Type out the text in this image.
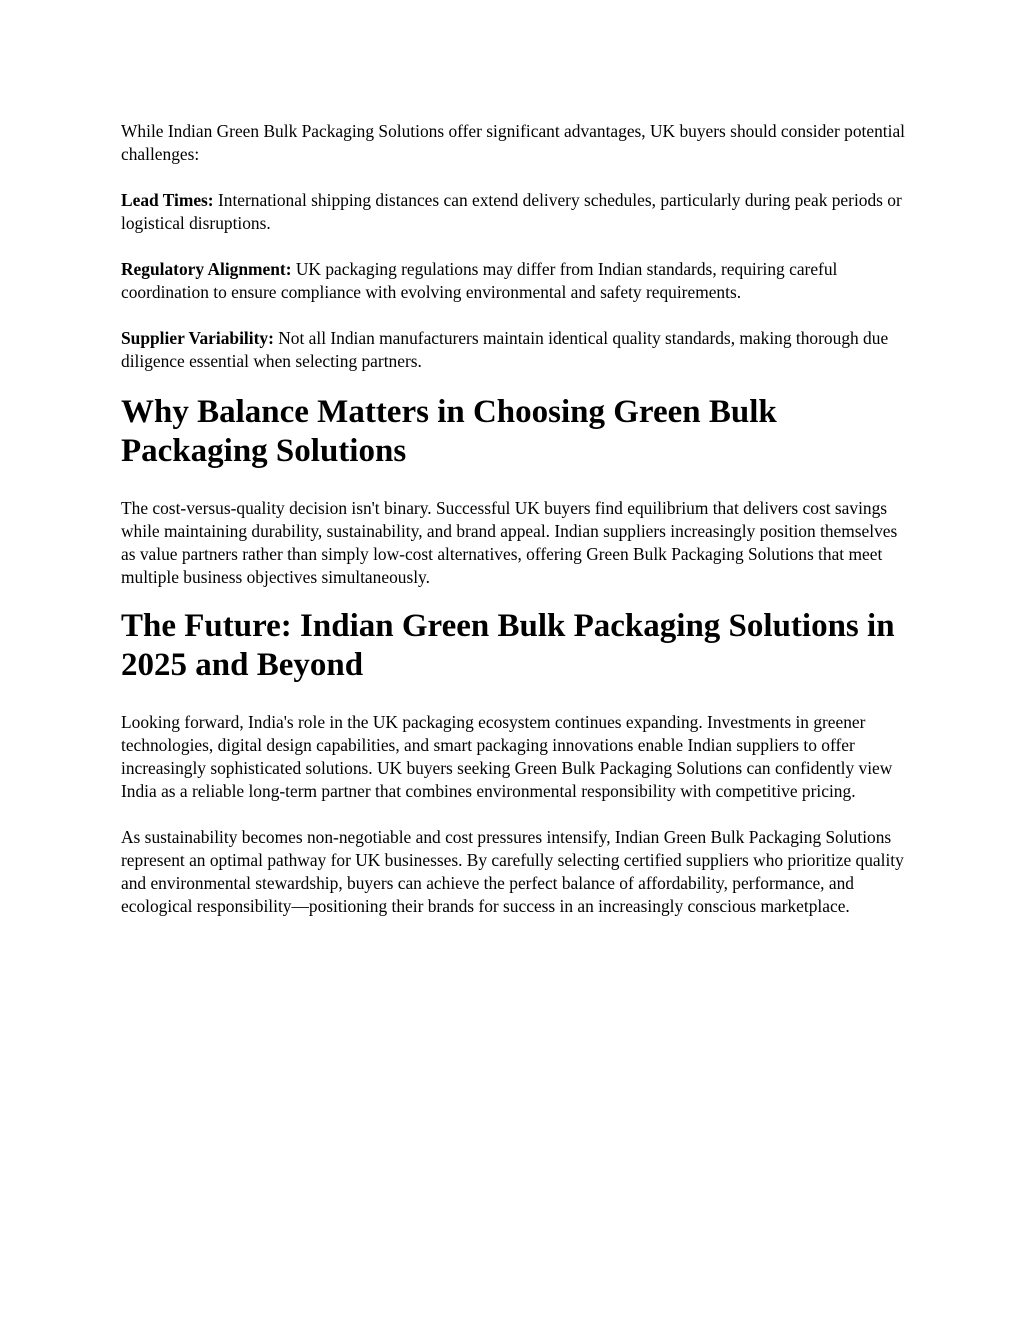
While Indian Green Bulk Packaging Solutions offer significant advantages, UK buyers should consider potential challenges:

Lead Times: International shipping distances can extend delivery schedules, particularly during peak periods or logistical disruptions.

Regulatory Alignment: UK packaging regulations may differ from Indian standards, requiring careful coordination to ensure compliance with evolving environmental and safety requirements.

Supplier Variability: Not all Indian manufacturers maintain identical quality standards, making thorough due diligence essential when selecting partners.

Why Balance Matters in Choosing Green Bulk Packaging Solutions

The cost-versus-quality decision isn't binary. Successful UK buyers find equilibrium that delivers cost savings while maintaining durability, sustainability, and brand appeal. Indian suppliers increasingly position themselves as value partners rather than simply low-cost alternatives, offering Green Bulk Packaging Solutions that meet multiple business objectives simultaneously.

The Future: Indian Green Bulk Packaging Solutions in 2025 and Beyond

Looking forward, India's role in the UK packaging ecosystem continues expanding. Investments in greener technologies, digital design capabilities, and smart packaging innovations enable Indian suppliers to offer increasingly sophisticated solutions. UK buyers seeking Green Bulk Packaging Solutions can confidently view India as a reliable long-term partner that combines environmental responsibility with competitive pricing.

As sustainability becomes non-negotiable and cost pressures intensify, Indian Green Bulk Packaging Solutions represent an optimal pathway for UK businesses. By carefully selecting certified suppliers who prioritize quality and environmental stewardship, buyers can achieve the perfect balance of affordability, performance, and ecological responsibility—positioning their brands for success in an increasingly conscious marketplace.
